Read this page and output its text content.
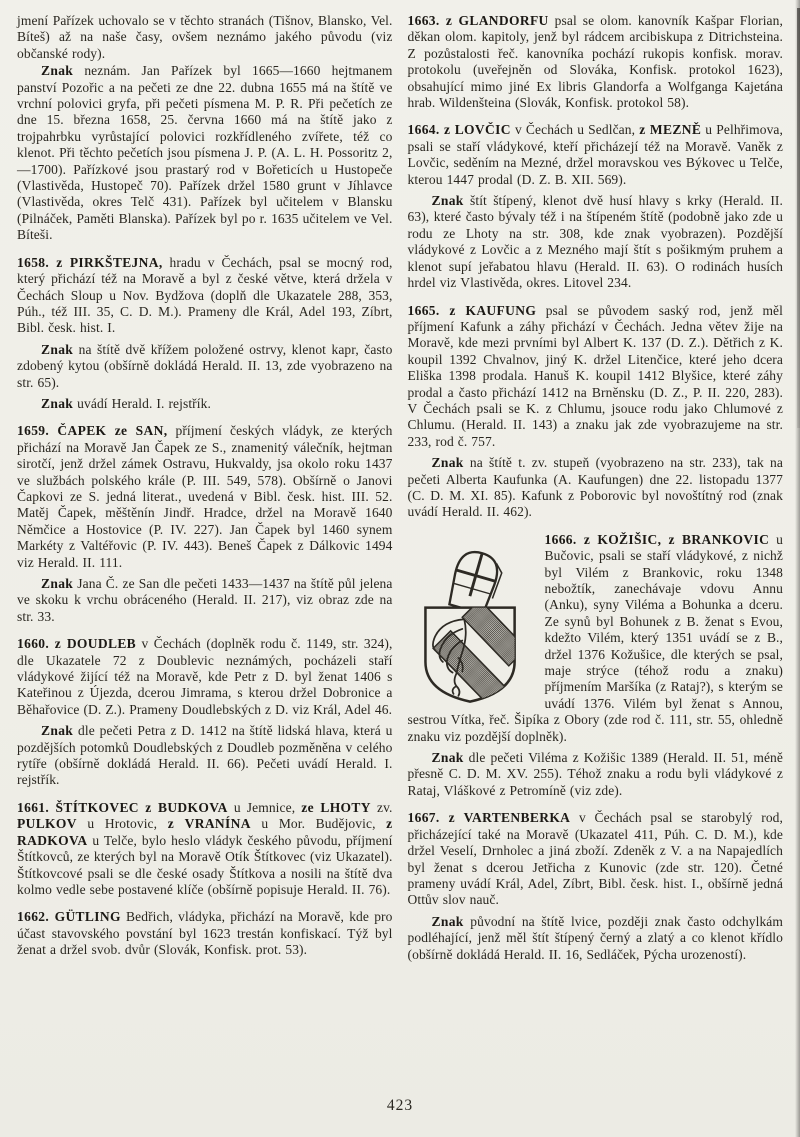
jmení Pařízek uchovalo se v těchto stranách (Tišnov, Blansko, Vel. Bíteš) až na naše časy, ovšem neznámo jakého původu (viz občanské rody).

Znak neznám. Jan Pařízek byl 1665—1660 hejtmanem panství Pozořic a na pečeti ze dne 22. dubna 1655 má na štítě ve vrchní polovici gryfa, při pečeti písmena M. P. R. Při pečetích ze dne 15. března 1658, 25. června 1660 má na štítě jako z trojpahrbku vyrůstající polovici rozkřídleného zvířete, též co klenot. Při těchto pečetích jsou písmena J. P. (A. L. H. Possoritz 2, —1700). Pařízkové jsou prastarý rod v Bořeticích u Hustopeče (Vlastivěda, Hustopeč 70). Pařízek držel 1580 grunt v Jíhlavce (Vlastivěda, okres Telč 431). Pařízek byl učitelem v Blansku (Pilnáček, Paměti Blanska). Pařízek byl po r. 1635 učitelem ve Vel. Bíteši.

1658. z PIRKŠTEJNA, hradu v Čechách, psal se mocný rod, který přichází též na Moravě a byl z české větve, která držela v Čechách Sloup u Nov. Bydžova (doplň dle Ukazatele 288, 353, Púh., též III. 35, C. D. M.). Prameny dle Král, Adel 193, Zíbrt, Bibl. česk. hist. I.

Znak na štítě dvě křížem položené ostrvy, klenot kapr, často zdobený kytou (obšírně dokládá Herald. II. 13, zde vyobrazeno na str. 65).

Znak uvádí Herald. I. rejstřík.

1659. ČAPEK ze SAN, příjmení českých vládyk, ze kterých přichází na Moravě Jan Čapek ze S., znamenitý válečník, hejtman sirotčí, jenž držel zámek Ostravu, Hukvaldy, jsa okolo roku 1437 ve službách polského krále (P. III. 549, 578). Obšírně o Janovi Čapkovi ze S. jedná literat., uvedená v Bibl. česk. hist. III. 52. Matěj Čapek, měštěnín Jindř. Hradce, držel na Moravě 1640 Němčice a Hostovice (P. IV. 227). Jan Čapek byl 1460 synem Markéty z Valtéřovic (P. IV. 443). Beneš Čapek z Dálkovic 1494 viz Herald. II. 111.

Znak Jana Č. ze San dle pečeti 1433—1437 na štítě půl jelena ve skoku k vrchu obráceného (Herald. II. 217), viz obraz zde na str. 33.

1660. z DOUDLEB v Čechách (doplněk rodu č. 1149, str. 324), dle Ukazatele 72 z Doublevic neznámých, pocházeli staří vládykové žijící též na Moravě, kde Petr z D. byl ženat 1406 s Kateřinou z Újezda, dcerou Jimrama, s kterou držel Dobronice a Běhařovice (D. Z.). Prameny Doudlebských z D. viz Král, Adel 46.

Znak dle pečeti Petra z D. 1412 na štítě lidská hlava, která u pozdějších potomků Doudlebských z Doudleb pozměněna v celého rytíře (obšírně dokládá Herald. II. 66). Pečeti uvádí Herald. I. rejstřík.

1661. ŠTÍTKOVEC z BUDKOVA u Jemnice, ze LHOTY zv. PULKOV u Hrotovic, z VRANÍNA u Mor. Budějovic, z RADKOVA u Telče, bylo heslo vládyk českého původu, příjmení Štítkovců, ze kterých byl na Moravě Otík Štítkovec (viz Ukazatel). Štítkovcové psali se dle české osady Štítkova a nosili na štítě dva kolmo vedle sebe postavené klíče (obšírně popisuje Herald. II. 76).

1662. GÜTLING Bedřich, vládyka, přichází na Moravě, kde pro účast stavovského povstání byl 1623 trestán konfiskací. Týž byl ženat a držel svob. dvůr (Slovák, Konfisk. prot. 53).

1663. z GLANDORFU psal se olom. kanovník Kašpar Florian, děkan olom. kapitoly, jenž byl rádcem arcibiskupa z Ditrichsteina. Z pozůstalosti řeč. kanovníka pochází rukopis konfisk. morav. protokolu (uveřejněn od Slováka, Konfisk. protokol 1623), obsahující mimo jiné Ex libris Glandorfa a Wolfganga Kajetána hrab. Wildenšteina (Slovák, Konfisk. protokol 58).

1664. z LOVČIC v Čechách u Sedlčan, z MEZNĚ u Pelhřimova, psali se staří vládykové, kteří přicházejí též na Moravě. Vaněk z Lovčic, seděním na Mezné, držel moravskou ves Býkovec u Telče, kterou 1447 prodal (D. Z. B. XII. 569).

Znak štít štípený, klenot dvě husí hlavy s krky (Herald. II. 63), které často bývaly též i na štípeném štítě (podobně jako zde u rodu ze Lhoty na str. 308, kde znak vyobrazen). Pozdější vládykové z Lovčic a z Mezného mají štít s pošikmým pruhem a klenot supí jeřabatou hlavu (Herald. II. 63). O rodinách husích hrdel viz Vlastivěda, okres. Litovel 234.

1665. z KAUFUNG psal se původem saský rod, jenž měl příjmení Kafunk a záhy přichází v Čechách. Jedna větev žije na Moravě, kde mezi prvními byl Albert K. 137 (D. Z.). Dětřich z K. koupil 1392 Chvalnov, jiný K. držel Litenčice, které jeho dcera Eliška 1398 prodala. Hanuš K. koupil 1412 Blyšice, které záhy prodal a často přichází 1412 na Brněnsku (D. Z., P. II. 220, 283). V Čechách psali se K. z Chlumu, jsouce rodu jako Chlumové z Chlumu. (Herald. II. 143) a znaku jak zde vyobrazujeme na str. 233, rod č. 757.

Znak na štítě t. zv. stupeň (vyobrazeno na str. 233), tak na pečeti Alberta Kaufunka (A. Kaufungen) dne 22. listopadu 1377 (C. D. M. XI. 85). Kafunk z Poborovic byl novoštítný rod (znak uvádí Herald. II. 462).

1666. z KOŽIŠIC, z BRANKOVIC u Bučovic, psali se staří vládykové, z nichž byl Vilém z Brankovic, roku 1348 nebožtík, zanechávaje vdovu Annu (Anku), syny Viléma a Bohunka a dceru. Ze synů byl Bohunek z B. ženat s Evou, kdežto Vilém, který 1351 uvádí se z B., držel 1376 Kožušice, dle kterých se psal, maje strýce (téhož rodu a znaku) příjmením Maršíka (z Rataj?), s kterým se uvádí 1376. Vilém byl ženat s Annou, sestrou Vítka, řeč. Šipíka z Obory (zde rod č. 111, str. 55, ohledně znaku viz pozdější doplněk).

Znak dle pečeti Viléma z Kožišic 1389 (Herald. II. 51, méně přesně C. D. M. XV. 255). Téhož znaku a rodu byli vládykové z Rataj, Vláškové z Petromíně (viz zde).

1667. z VARTENBERKA v Čechách psal se starobylý rod, přicházející také na Moravě (Ukazatel 411, Púh. C. D. M.), kde držel Veselí, Drnholec a jiná zboží. Zdeněk z V. a na Napajedlích byl ženat s dcerou Jetřicha z Kunovic (zde str. 120). Četné prameny uvádí Král, Adel, Zíbrt, Bibl. česk. hist. I., obšírně jedná Ottův slov nauč.

Znak původní na štítě lvice, později znak často odchylkám podléhající, jenž měl štít štípený černý a zlatý a co klenot křídlo (obšírně dokládá Herald. II. 16, Sedláček, Pýcha urozeností).

423
